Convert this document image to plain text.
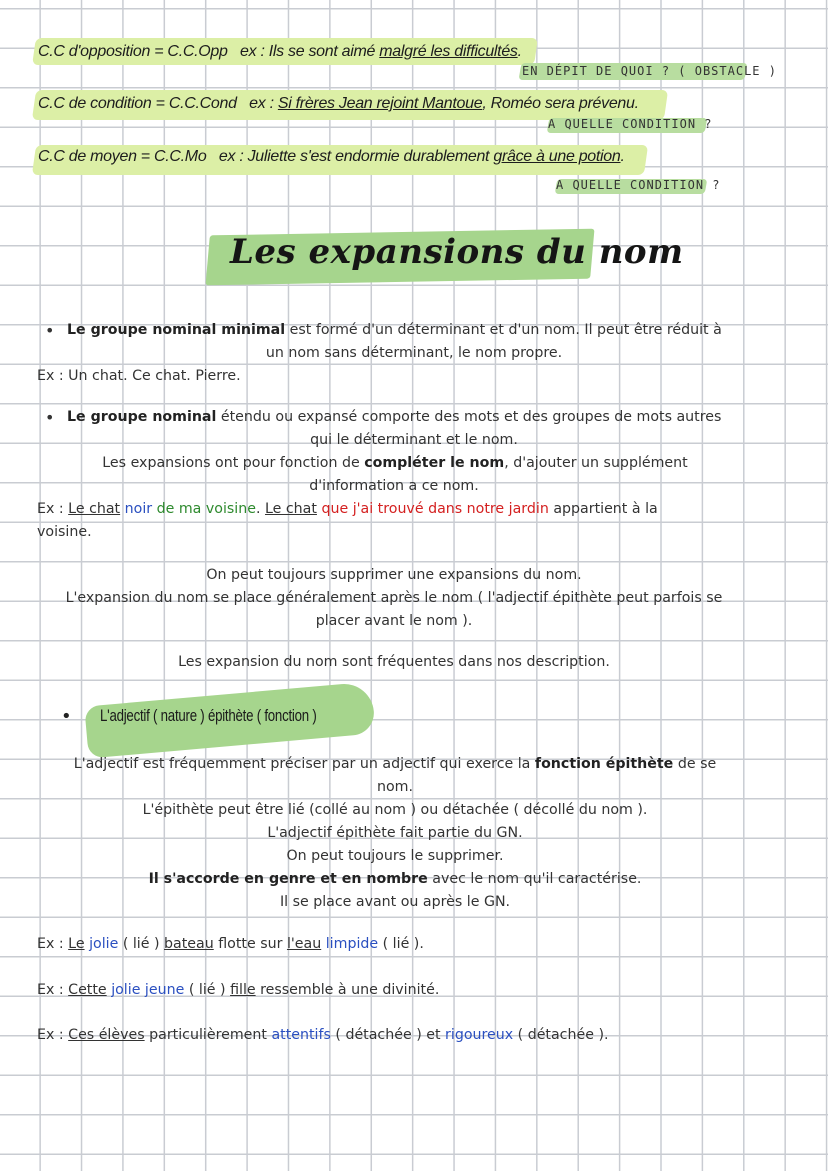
C.C d'opposition = C.C.Opp ex : Ils se sont aimé malgré les difficultés.
EN DÉPIT DE QUOI ? ( OBSTACLE )
C.C de condition = C.C.Cond ex : Si frères Jean rejoint Mantoue, Roméo sera prévenu.
A QUELLE CONDITION ?
C.C de moyen = C.C.Mo ex : Juliette s'est endormie durablement grâce à une potion.
A QUELLE CONDITION ?
Les expansions du nom
• Le groupe nominal minimal est formé d'un déterminant et d'un nom. Il peut être réduit à
un nom sans déterminant, le nom propre.
Ex : Un chat. Ce chat. Pierre.
• Le groupe nominal étendu ou expansé comporte des mots et des groupes de mots autres
qui le déterminant et le nom.
Les expansions ont pour fonction de compléter le nom, d'ajouter un supplément
d'information a ce nom.
Ex : Le chat noir de ma voisine. Le chat que j'ai trouvé dans notre jardin appartient à la
voisine.
On peut toujours supprimer une expansions du nom.
L'expansion du nom se place généralement après le nom ( l'adjectif épithète peut parfois se
placer avant le nom ).
Les expansion du nom sont fréquentes dans nos description.
• L'adjectif ( nature ) épithète ( fonction )
L'adjectif est fréquemment préciser par un adjectif qui exerce la fonction épithète de se
nom.
L'épithète peut être lié (collé au nom ) ou détachée ( décollé du nom ).
L'adjectif épithète fait partie du GN.
On peut toujours le supprimer.
Il s'accorde en genre et en nombre avec le nom qu'il caractérise.
Il se place avant ou après le GN.
Ex : Le jolie ( lié ) bateau flotte sur l'eau limpide ( lié ).
Ex : Cette jolie jeune ( lié ) fille ressemble à une divinité.
Ex : Ces élèves particulièrement attentifs ( détachée ) et rigoureux ( détachée ).
